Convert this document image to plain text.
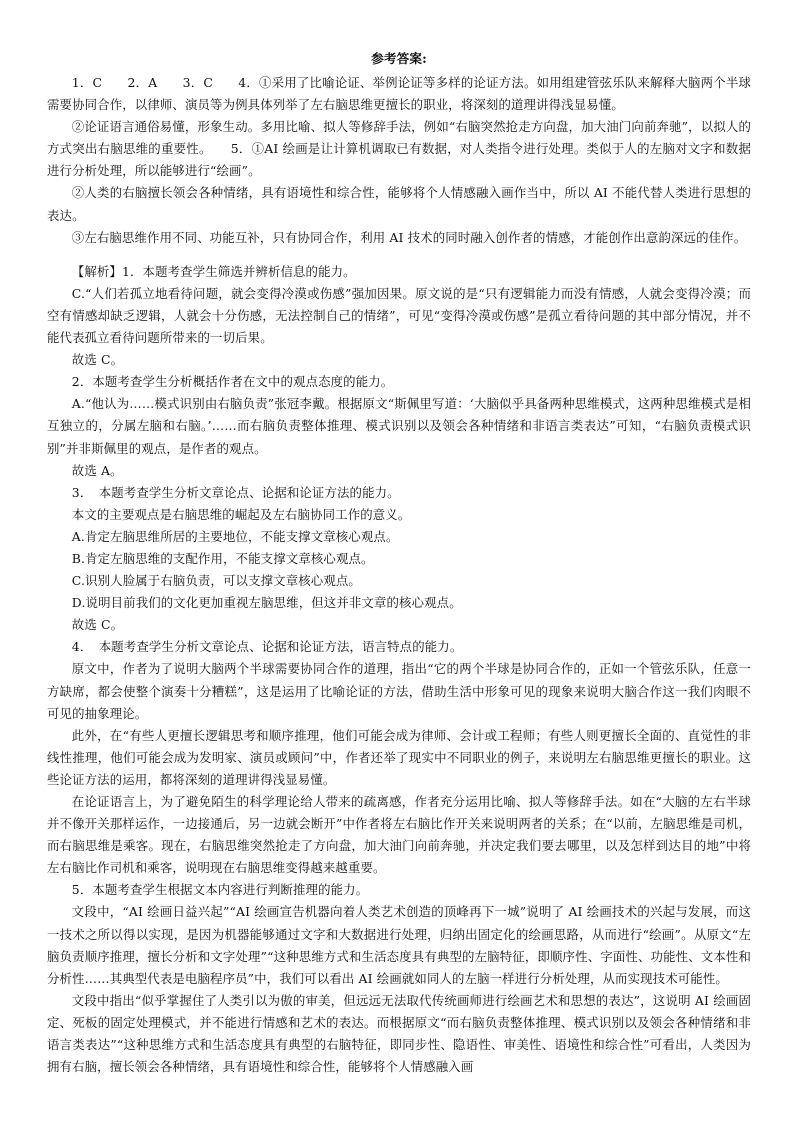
参考答案:

1．C　　2．A　　3．C　　4．①采用了比喻论证、举例论证等多样的论证方法。如用组建管弦乐队来解释大脑两个半球需要协同合作，以律师、演员等为例具体列举了左右脑思维更擅长的职业，将深刻的道理讲得浅显易懂。

②论证语言通俗易懂，形象生动。多用比喻、拟人等修辞手法，例如“右脑突然抢走方向盘，加大油门向前奔驰”，以拟人的方式突出右脑思维的重要性。　　5．①AI 绘画是让计算机调取已有数据，对人类指令进行处理。类似于人的左脑对文字和数据进行分析处理，所以能够进行“绘画”。

②人类的右脑擅长领会各种情绪，具有语境性和综合性，能够将个人情感融入画作当中，所以 AI 不能代替人类进行思想的表达。

③左右脑思维作用不同、功能互补，只有协同合作，利用 AI 技术的同时融入创作者的情感，才能创作出意韵深远的佳作。

【解析】1．本题考查学生筛选并辨析信息的能力。

C.“人们若孤立地看待问题，就会变得冷漠或伤感”强加因果。原文说的是“只有逻辑能力而没有情感，人就会变得冷漠；而空有情感却缺乏逻辑，人就会十分伤感，无法控制自己的情绪”，可见“变得冷漠或伤感”是孤立看待问题的其中部分情况，并不能代表孤立看待问题所带来的一切后果。

故选 C。

2．本题考查学生分析概括作者在文中的观点态度的能力。

A.“他认为……模式识别由右脑负责”张冠李戴。根据原文“斯佩里写道：‘大脑似乎具备两种思维模式，这两种思维模式是相互独立的，分属左脑和右脑。’……而右脑负责整体推理、模式识别以及领会各种情绪和非语言类表达”可知，“右脑负责模式识别”并非斯佩里的观点，是作者的观点。

故选 A。

3．　本题考查学生分析文章论点、论据和论证方法的能力。

本文的主要观点是右脑思维的崛起及左右脑协同工作的意义。

A.肯定左脑思维所居的主要地位，不能支撑文章核心观点。

B.肯定左脑思维的支配作用，不能支撑文章核心观点。

C.识别人脸属于右脑负责，可以支撑文章核心观点。

D.说明目前我们的文化更加重视左脑思维，但这并非文章的核心观点。

故选 C。

4．　本题考查学生分析文章论点、论据和论证方法，语言特点的能力。

原文中，作者为了说明大脑两个半球需要协同合作的道理，指出“它的两个半球是协同合作的，正如一个管弦乐队，任意一方缺席，都会使整个演奏十分糟糕”，这是运用了比喻论证的方法，借助生活中形象可见的现象来说明大脑合作这一我们肉眼不可见的抽象理论。

此外，在“有些人更擅长逻辑思考和顺序推理，他们可能会成为律师、会计或工程师；有些人则更擅长全面的、直觉性的非线性推理，他们可能会成为发明家、演员或顾问”中，作者还举了现实中不同职业的例子，来说明左右脑思维更擅长的职业。这些论证方法的运用，都将深刻的道理讲得浅显易懂。

在论证语言上，为了避免陌生的科学理论给人带来的疏离感，作者充分运用比喻、拟人等修辞手法。如在“大脑的左右半球并不像开关那样运作，一边接通后，另一边就会断开”中作者将左右脑比作开关来说明两者的关系；在“以前，左脑思维是司机，而右脑思维是乘客。现在，右脑思维突然抢走了方向盘，加大油门向前奔驰，并决定我们要去哪里，以及怎样到达目的地”中将左右脑比作司机和乘客，说明现在右脑思维变得越来越重要。

5．本题考查学生根据文本内容进行判断推理的能力。

文段中，“AI 绘画日益兴起”“AI 绘画宣告机器向着人类艺术创造的顶峰再下一城”说明了 AI 绘画技术的兴起与发展，而这一技术之所以得以实现，是因为机器能够通过文字和大数据进行处理，归纳出固定化的绘画思路，从而进行“绘画”。从原文“左脑负责顺序推理，擅长分析和文字处理”“这种思维方式和生活态度具有典型的左脑特征，即顺序性、字面性、功能性、文本性和分析性……其典型代表是电脑程序员”中，我们可以看出 AI 绘画就如同人的左脑一样进行分析处理，从而实现技术可能性。

文段中指出“似乎掌握住了人类引以为傲的审美，但远远无法取代传统画师进行绘画艺术和思想的表达”，这说明 AI 绘画固定、死板的固定处理模式，并不能进行情感和艺术的表达。而根据原文“而右脑负责整体推理、模式识别以及领会各种情绪和非语言类表达”“这种思维方式和生活态度具有典型的右脑特征，即同步性、隐语性、审美性、语境性和综合性”可看出，人类因为拥有右脑，擅长领会各种情绪，具有语境性和综合性，能够将个人情感融入画
